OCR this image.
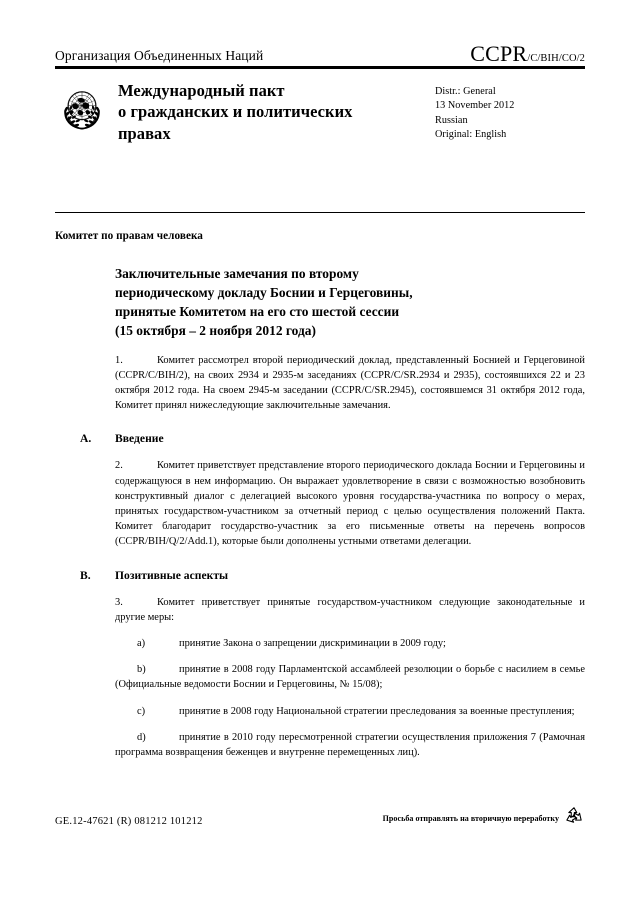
Организация Объединенных Наций	CCPR/C/BIH/CO/2
Международный пакт
о гражданских и политических
правах
Distr.: General
13 November 2012
Russian
Original: English
Комитет по правам человека
Заключительные замечания по второму
периодическому докладу Боснии и Герцеговины,
принятые Комитетом на его сто шестой сессии
(15 октября – 2 ноября 2012 года)

1.	Комитет рассмотрел второй периодический доклад, представленный Боснией и Герцеговиной (CCPR/C/BIH/2), на своих 2934 и 2935-м заседаниях (CCPR/C/SR.2934 и 2935), состоявшихся 22 и 23 октября 2012 года. На своем 2945-м заседании (CCPR/C/SR.2945), состоявшемся 31 октября 2012 года, Комитет принял нижеследующие заключительные замечания.

A. Введение

2.	Комитет приветствует представление второго периодического доклада Боснии и Герцеговины и содержащуюся в нем информацию. Он выражает удовлетворение в связи с возможностью возобновить конструктивный диалог с делегацией высокого уровня государства-участника по вопросу о мерах, принятых государством-участником за отчетный период с целью осуществления положений Пакта. Комитет благодарит государство-участник за его письменные ответы на перечень вопросов (CCPR/BIH/Q/2/Add.1), которые были дополнены устными ответами делегации.

B. Позитивные аспекты

3.	Комитет приветствует принятые государством-участником следующие законодательные и другие меры:

a)	принятие Закона о запрещении дискриминации в 2009 году;

b)	принятие в 2008 году Парламентской ассамблеей резолюции о борьбе с насилием в семье (Официальные ведомости Боснии и Герцеговины, № 15/08);

c)	принятие в 2008 году Национальной стратегии преследования за военные преступления;

d)	принятие в 2010 году пересмотренной стратегии осуществления приложения 7 (Рамочная программа возвращения беженцев и внутренне перемещенных лиц).

GE.12-47621 (R) 081212 101212	Просьба отправлять на вторичную переработку
